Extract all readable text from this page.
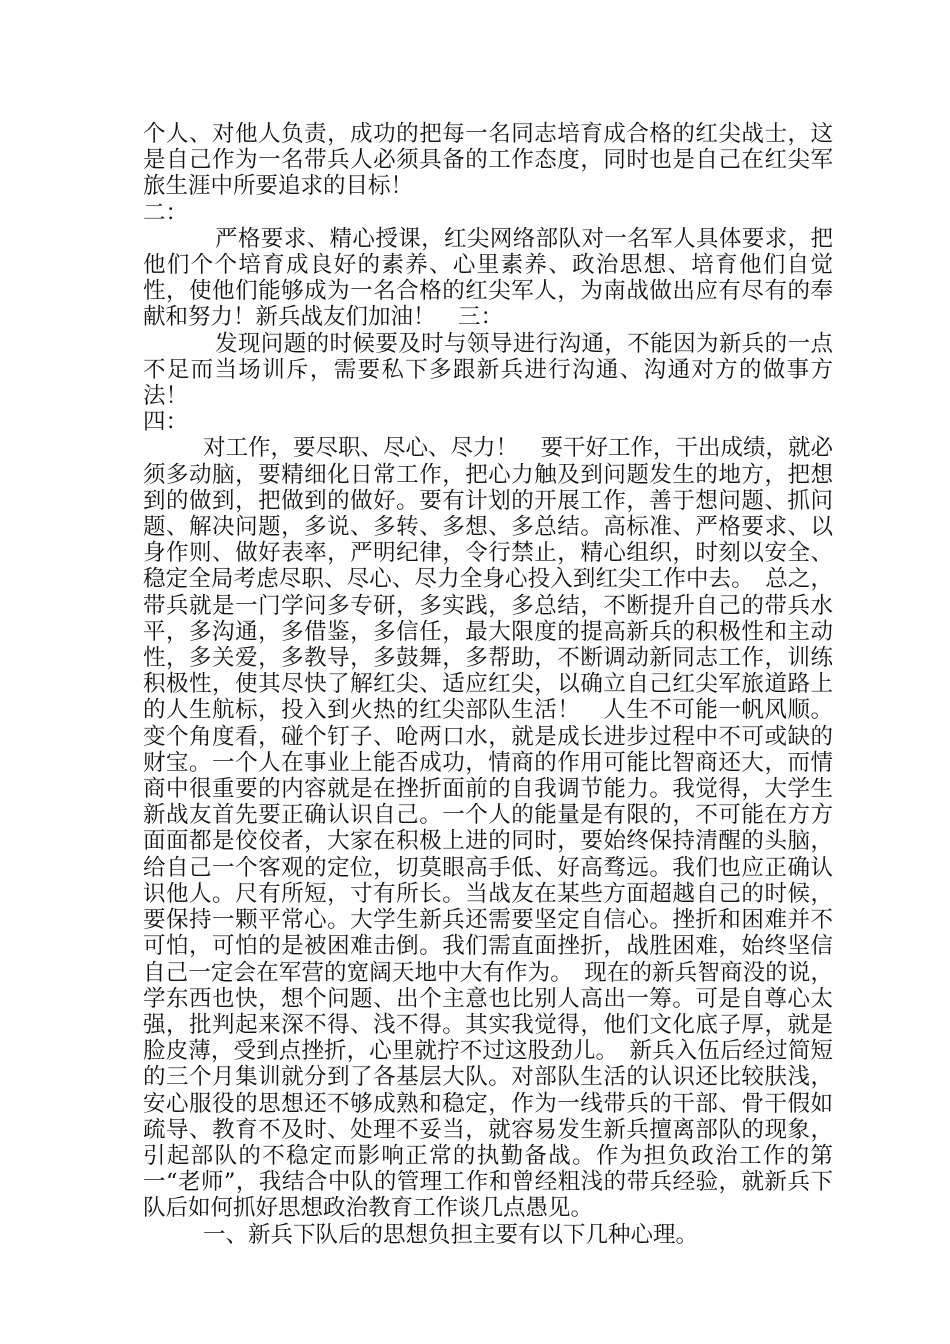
个人、对他人负责，成功的把每一名同志培育成合格的红尖战士，这是自己作为一名带兵人必须具备的工作态度，同时也是自己在红尖军旅生涯中所要追求的目标！

二：

严格要求、精心授课，红尖网络部队对一名军人具体要求，把他们个个培育成良好的素养、心里素养、政治思想、培育他们自觉性，使他们能够成为一名合格的红尖军人，为南战做出应有尽有的奉献和努力！新兵战友们加油！　三：

发现问题的时候要及时与领导进行沟通，不能因为新兵的一点不足而当场训斥，需要私下多跟新兵进行沟通、沟通对方的做事方法！

四：

对工作，要尽职、尽心、尽力！　要干好工作，干出成绩，就必须多动脑，要精细化日常工作，把心力触及到问题发生的地方，把想到的做到，把做到的做好。要有计划的开展工作，善于想问题、抓问题、解决问题，多说、多转、多想、多总结。高标准、严格要求、以身作则、做好表率，严明纪律，令行禁止，精心组织，时刻以安全、稳定全局考虑尽职、尽心、尽力全身心投入到红尖工作中去。　总之，带兵就是一门学问多专研，多实践，多总结，不断提升自己的带兵水平，多沟通，多借鉴，多信任，最大限度的提高新兵的积极性和主动性，多关爱，多教导，多鼓舞，多帮助，不断调动新同志工作，训练积极性，使其尽快了解红尖、适应红尖，以确立自己红尖军旅道路上的人生航标，投入到火热的红尖部队生活！　人生不可能一帆风顺。变个角度看，碰个钉子、呛两口水，就是成长进步过程中不可或缺的财宝。一个人在事业上能否成功，情商的作用可能比智商还大，而情商中很重要的内容就是在挫折面前的自我调节能力。我觉得，大学生新战友首先要正确认识自己。一个人的能量是有限的，不可能在方方面面都是佼佼者，大家在积极上进的同时，要始终保持清醒的头脑，给自己一个客观的定位，切莫眼高手低、好高骛远。我们也应正确认识他人。尺有所短，寸有所长。当战友在某些方面超越自己的时候，要保持一颗平常心。大学生新兵还需要坚定自信心。挫折和困难并不可怕，可怕的是被困难击倒。我们需直面挫折，战胜困难，始终坚信自己一定会在军营的宽阔天地中大有作为。　现在的新兵智商没的说，学东西也快，想个问题、出个主意也比别人高出一筹。可是自尊心太强，批判起来深不得、浅不得。其实我觉得，他们文化底子厚，就是脸皮薄，受到点挫折，心里就拧不过这股劲儿。　新兵入伍后经过简短的三个月集训就分到了各基层大队。对部队生活的认识还比较肤浅，安心服役的思想还不够成熟和稳定，作为一线带兵的干部、骨干假如疏导、教育不及时、处理不妥当，就容易发生新兵擅离部队的现象，引起部队的不稳定而影响正常的执勤备战。作为担负政治工作的第一“老师”，我结合中队的管理工作和曾经粗浅的带兵经验，就新兵下队后如何抓好思想政治教育工作谈几点愚见。

一、新兵下队后的思想负担主要有以下几种心理。
